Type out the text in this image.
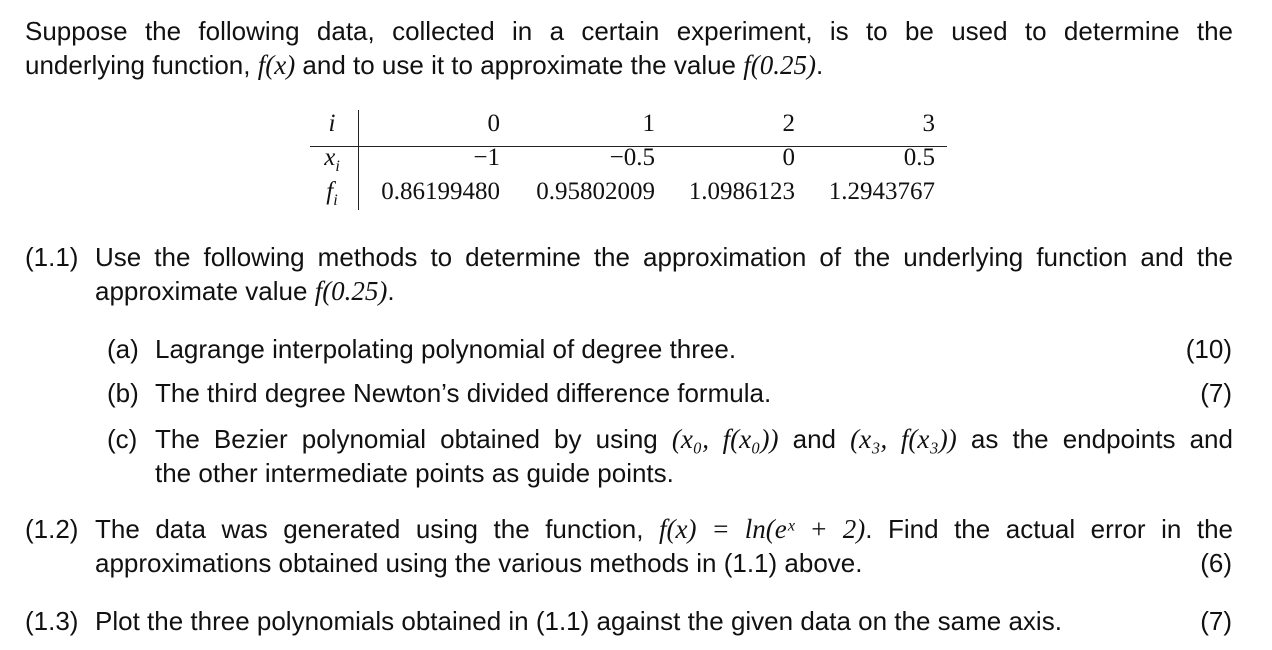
Suppose the following data, collected in a certain experiment, is to be used to determine the
underlying function, f(x) and to use it to approximate the value f(0.25).
i	0	1	2	3
$x_i$	−1	−0.5	0	0.5
$f_i$	0.86199480	0.95802009	1.0986123	1.2943767
(1.1) Use the following methods to determine the approximation of the underlying function and the
approximate value f(0.25).
(a) Lagrange interpolating polynomial of degree three.	(10)
(b) The third degree Newton’s divided difference formula.	(7)
(c) The Bezier polynomial obtained by using (x₀, f(x₀)) and (x₃, f(x₃)) as the endpoints and
the other intermediate points as guide points.
(1.2) The data was generated using the function, f(x) = ln(eˣ + 2). Find the actual error in the
approximations obtained using the various methods in (1.1) above.	(6)
(1.3) Plot the three polynomials obtained in (1.1) against the given data on the same axis.	(7)
